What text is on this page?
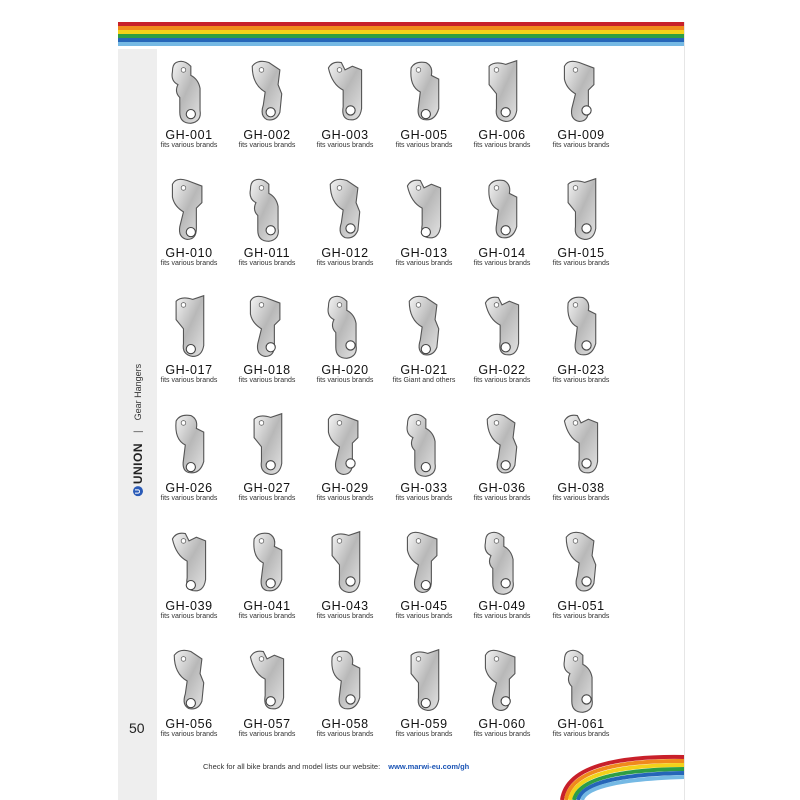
U
UNION
|
Gear Hangers
50
GH-001
fits various brands
GH-002
fits various brands
GH-003
fits various brands
GH-005
fits various brands
GH-006
fits various brands
GH-009
fits various brands
GH-010
fits various brands
GH-011
fits various brands
GH-012
fits various brands
GH-013
fits various brands
GH-014
fits various brands
GH-015
fits various brands
GH-017
fits various brands
GH-018
fits various brands
GH-020
fits various brands
GH-021
fits Giant and others
GH-022
fits various brands
GH-023
fits various brands
GH-026
fits various brands
GH-027
fits various brands
GH-029
fits various brands
GH-033
fits various brands
GH-036
fits various brands
GH-038
fits various brands
GH-039
fits various brands
GH-041
fits various brands
GH-043
fits various brands
GH-045
fits various brands
GH-049
fits various brands
GH-051
fits various brands
GH-056
fits various brands
GH-057
fits various brands
GH-058
fits various brands
GH-059
fits various brands
GH-060
fits various brands
GH-061
fits various brands
Check for all bike brands and model lists our website: www.marwi-eu.com/gh
